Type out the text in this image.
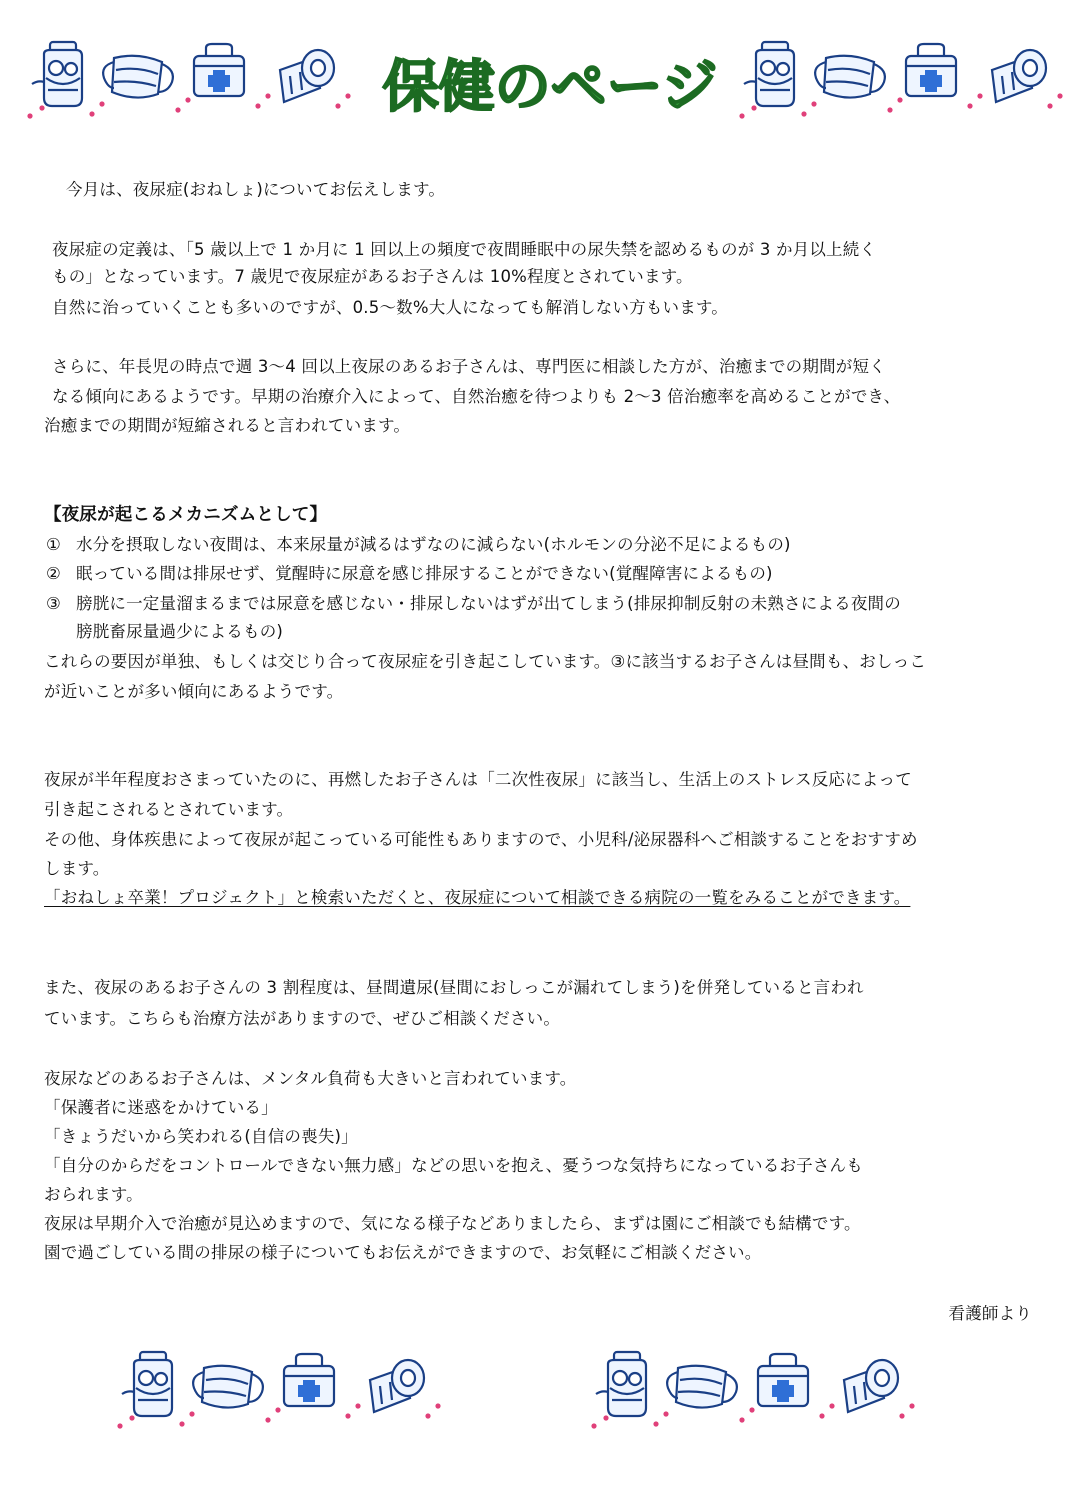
保健のページ
今月は、夜尿症(おねしょ)についてお伝えします。
夜尿症の定義は、「5 歳以上で 1 か月に 1 回以上の頻度で夜間睡眠中の尿失禁を認めるものが 3 か月以上続く
もの」となっています。7 歳児で夜尿症があるお子さんは 10%程度とされています。
自然に治っていくことも多いのですが、0.5～数%大人になっても解消しない方もいます。
さらに、年長児の時点で週 3～4 回以上夜尿のあるお子さんは、専門医に相談した方が、治癒までの期間が短く
なる傾向にあるようです。早期の治療介入によって、自然治癒を待つよりも 2～3 倍治癒率を高めることができ、
治癒までの期間が短縮されると言われています。
【夜尿が起こるメカニズムとして】
① 水分を摂取しない夜間は、本来尿量が減るはずなのに減らない(ホルモンの分泌不足によるもの)
② 眠っている間は排尿せず、覚醒時に尿意を感じ排尿することができない(覚醒障害によるもの)
③ 膀胱に一定量溜まるまでは尿意を感じない・排尿しないはずが出てしまう(排尿抑制反射の未熟さによる夜間の
膀胱畜尿量過少によるもの)
これらの要因が単独、もしくは交じり合って夜尿症を引き起こしています。③に該当するお子さんは昼間も、おしっこ
が近いことが多い傾向にあるようです。
夜尿が半年程度おさまっていたのに、再燃したお子さんは「二次性夜尿」に該当し、生活上のストレス反応によって
引き起こされるとされています。
その他、身体疾患によって夜尿が起こっている可能性もありますので、小児科/泌尿器科へご相談することをおすすめ
します。
「おねしょ卒業！プロジェクト」と検索いただくと、夜尿症について相談できる病院の一覧をみることができます。
また、夜尿のあるお子さんの 3 割程度は、昼間遺尿(昼間におしっこが漏れてしまう)を併発していると言われ
ています。こちらも治療方法がありますので、ぜひご相談ください。
夜尿などのあるお子さんは、メンタル負荷も大きいと言われています。
「保護者に迷惑をかけている」
「きょうだいから笑われる(自信の喪失)」
「自分のからだをコントロールできない無力感」などの思いを抱え、憂うつな気持ちになっているお子さんも
おられます。
夜尿は早期介入で治癒が見込めますので、気になる様子などありましたら、まずは園にご相談でも結構です。
園で過ごしている間の排尿の様子についてもお伝えができますので、お気軽にご相談ください。
看護師より
